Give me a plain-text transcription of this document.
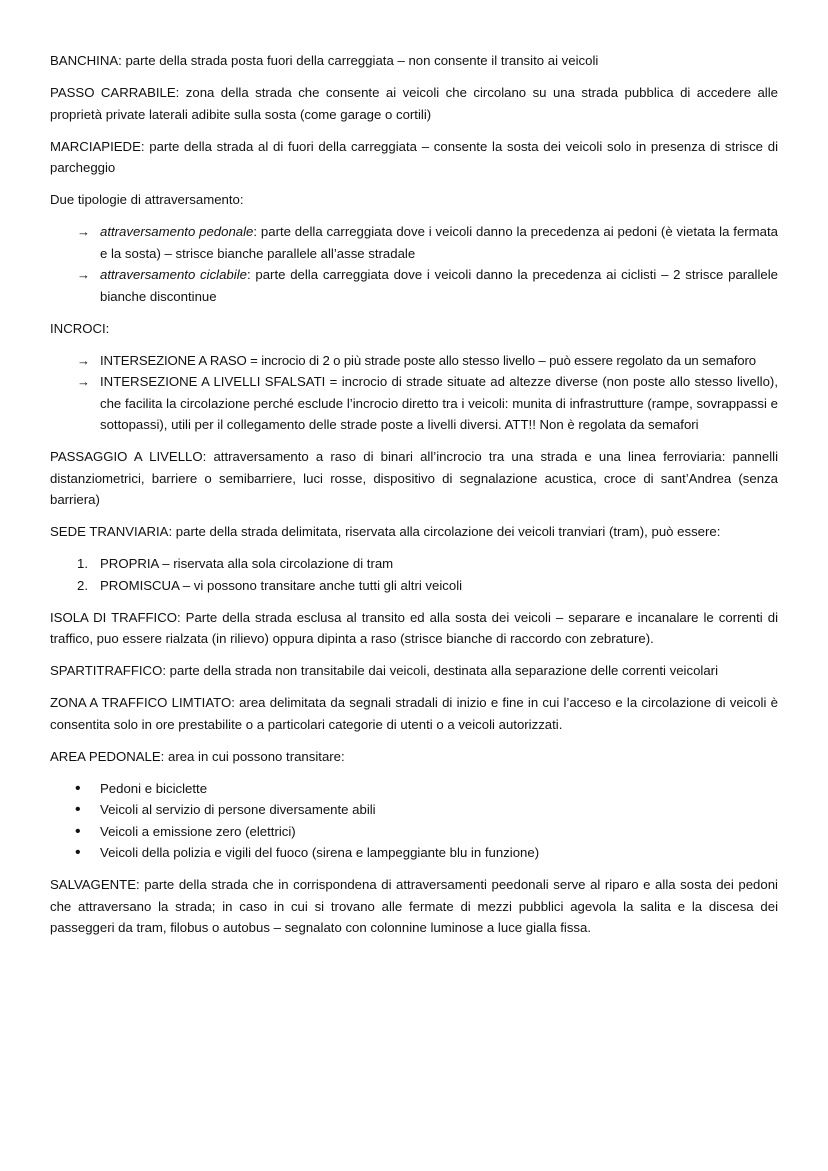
BANCHINA: parte della strada posta fuori della carreggiata – non consente il transito ai veicoli

PASSO CARRABILE: zona della strada che consente ai veicoli che circolano su una strada pubblica di accedere alle proprietà private laterali adibite sulla sosta (come garage o cortili)

MARCIAPIEDE: parte della strada al di fuori della carreggiata – consente la sosta dei veicoli solo in presenza di strisce di parcheggio

Due tipologie di attraversamento:

→ attraversamento pedonale: parte della carreggiata dove i veicoli danno la precedenza ai pedoni (è vietata la fermata e la sosta) – strisce bianche parallele all’asse stradale
→ attraversamento ciclabile: parte della carreggiata dove i veicoli danno la precedenza ai ciclisti – 2 strisce parallele bianche discontinue

INCROCI:

→ INTERSEZIONE A RASO = incrocio di 2 o più strade poste allo stesso livello – può essere regolato da un semaforo
→ INTERSEZIONE A LIVELLI SFALSATI = incrocio di strade situate ad altezze diverse (non poste allo stesso livello), che facilita la circolazione perché esclude l’incrocio diretto tra i veicoli: munita di infrastrutture (rampe, sovrappassi e sottopassi), utili per il collegamento delle strade poste a livelli diversi. ATT!! Non è regolata da semafori

PASSAGGIO A LIVELLO: attraversamento a raso di binari all’incrocio tra una strada e una linea ferroviaria: pannelli distanziometrici, barriere o semibarriere, luci rosse, dispositivo di segnalazione acustica, croce di sant’Andrea (senza barriera)

SEDE TRANVIARIA: parte della strada delimitata, riservata alla circolazione dei veicoli tranviari (tram), può essere:

1. PROPRIA – riservata alla sola circolazione di tram
2. PROMISCUA – vi possono transitare anche tutti gli altri veicoli

ISOLA DI TRAFFICO: Parte della strada esclusa al transito ed alla sosta dei veicoli – separare e incanalare le correnti di traffico, puo essere rialzata (in rilievo) oppura dipinta a raso (strisce bianche di raccordo con zebrature).

SPARTITRAFFICO: parte della strada non transitabile dai veicoli, destinata alla separazione delle correnti veicolari

ZONA A TRAFFICO LIMTIATO: area delimitata da segnali stradali di inizio e fine in cui l’acceso e la circolazione di veicoli è consentita solo in ore prestabilite o a particolari categorie di utenti o a veicoli autorizzati.

AREA PEDONALE: area in cui possono transitare:

•	Pedoni e biciclette
•	Veicoli al servizio di persone diversamente abili
•	Veicoli a emissione zero (elettrici)
•	Veicoli della polizia e vigili del fuoco (sirena e lampeggiante blu in funzione)

SALVAGENTE: parte della strada che in corrispondena di attraversamenti peedonali serve al riparo e alla sosta dei pedoni che attraversano la strada; in caso in cui si trovano alle fermate di mezzi pubblici agevola la salita e la discesa dei passeggeri da tram, filobus o autobus – segnalato con colonnine luminose a luce gialla fissa.
